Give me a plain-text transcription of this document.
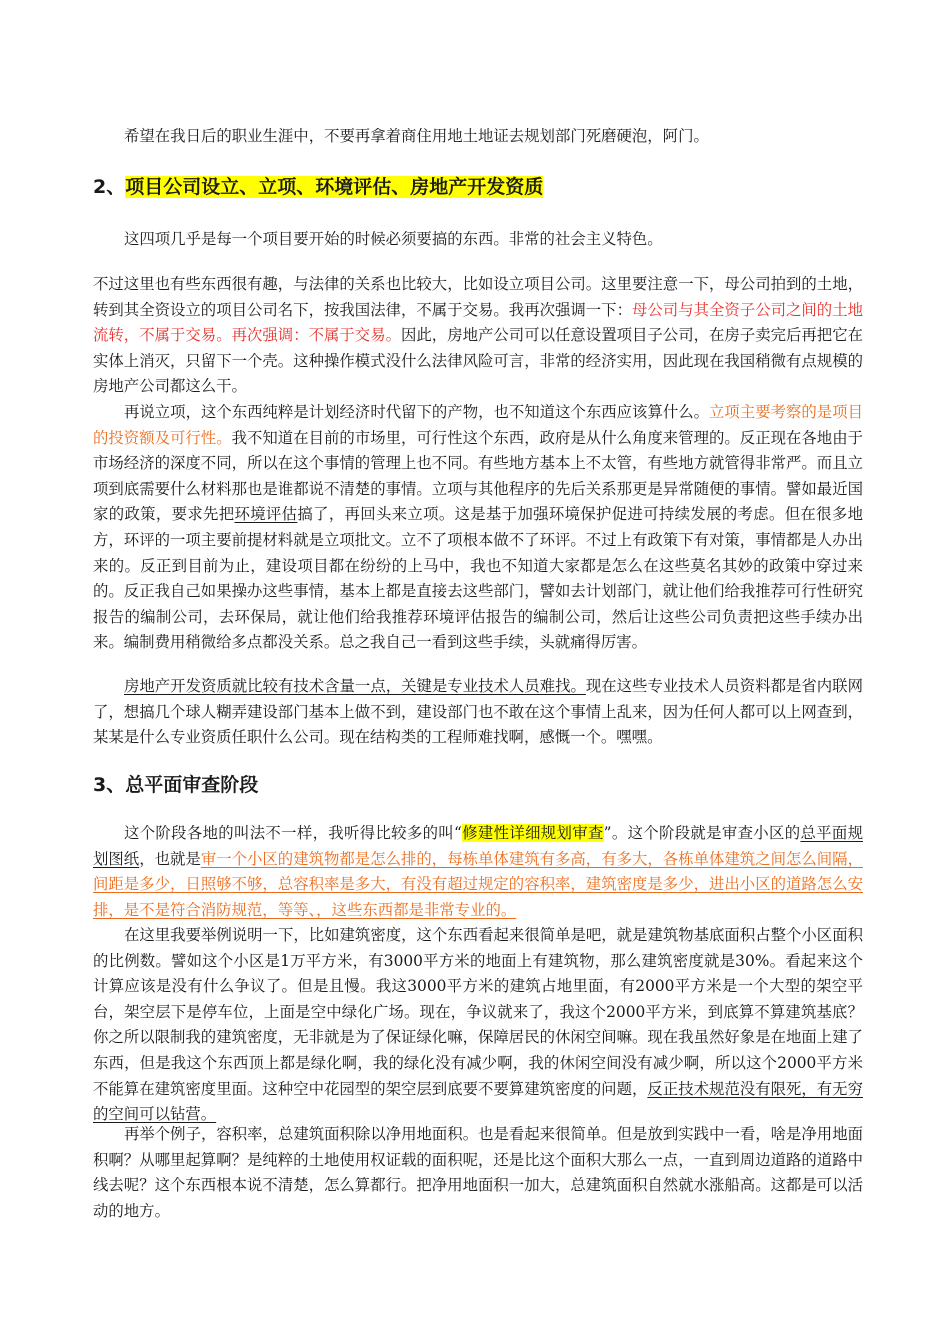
希望在我日后的职业生涯中，不要再拿着商住用地土地证去规划部门死磨硬泡，阿门。

2、项目公司设立、立项、环境评估、房地产开发资质

这四项几乎是每一个项目要开始的时候必须要搞的东西。非常的社会主义特色。

不过这里也有些东西很有趣，与法律的关系也比较大，比如设立项目公司。这里要注意一下，母公司拍到的土地，转到其全资设立的项目公司名下，按我国法律，不属于交易。我再次强调一下：母公司与其全资子公司之间的土地流转，不属于交易。再次强调：不属于交易。因此，房地产公司可以任意设置项目子公司，在房子卖完后再把它在实体上消灭，只留下一个壳。这种操作模式没什么法律风险可言，非常的经济实用，因此现在我国稍微有点规模的房地产公司都这么干。

再说立项，这个东西纯粹是计划经济时代留下的产物，也不知道这个东西应该算什么。立项主要考察的是项目的投资额及可行性。我不知道在目前的市场里，可行性这个东西，政府是从什么角度来管理的。反正现在各地由于市场经济的深度不同，所以在这个事情的管理上也不同。有些地方基本上不太管，有些地方就管得非常严。而且立项到底需要什么材料那也是谁都说不清楚的事情。立项与其他程序的先后关系那更是异常随便的事情。譬如最近国家的政策，要求先把环境评估搞了，再回头来立项。这是基于加强环境保护促进可持续发展的考虑。但在很多地方，环评的一项主要前提材料就是立项批文。立不了项根本做不了环评。不过上有政策下有对策，事情都是人办出来的。反正到目前为止，建设项目都在纷纷的上马中，我也不知道大家都是怎么在这些莫名其妙的政策中穿过来的。反正我自己如果操办这些事情，基本上都是直接去这些部门，譬如去计划部门，就让他们给我推荐可行性研究报告的编制公司，去环保局，就让他们给我推荐环境评估报告的编制公司，然后让这些公司负责把这些手续办出来。编制费用稍微给多点都没关系。总之我自己一看到这些手续，头就痛得厉害。

房地产开发资质就比较有技术含量一点，关键是专业技术人员难找。现在这些专业技术人员资料都是省内联网了，想搞几个球人糊弄建设部门基本上做不到，建设部门也不敢在这个事情上乱来，因为任何人都可以上网查到，某某是什么专业资质任职什么公司。现在结构类的工程师难找啊，感慨一个。嘿嘿。

3、总平面审查阶段

这个阶段各地的叫法不一样，我听得比较多的叫“修建性详细规划审查”。这个阶段就是审查小区的总平面规划图纸，也就是审一个小区的建筑物都是怎么排的，每栋单体建筑有多高，有多大，各栋单体建筑之间怎么间隔，间距是多少，日照够不够，总容积率是多大，有没有超过规定的容积率，建筑密度是多少，进出小区的道路怎么安排，是不是符合消防规范，等等、，这些东西都是非常专业的。

在这里我要举例说明一下，比如建筑密度，这个东西看起来很简单是吧，就是建筑物基底面积占整个小区面积的比例数。譬如这个小区是1万平方米，有3000平方米的地面上有建筑物，那么建筑密度就是30%。看起来这个计算应该是没有什么争议了。但是且慢。我这3000平方米的建筑占地里面，有2000平方米是一个大型的架空平台，架空层下是停车位，上面是空中绿化广场。现在，争议就来了，我这个2000平方米，到底算不算建筑基底？你之所以限制我的建筑密度，无非就是为了保证绿化嘛，保障居民的休闲空间嘛。现在我虽然好象是在地面上建了东西，但是我这个东西顶上都是绿化啊，我的绿化没有减少啊，我的休闲空间没有减少啊，所以这个2000平方米不能算在建筑密度里面。这种空中花园型的架空层到底要不要算建筑密度的问题，反正技术规范没有限死，有无穷的空间可以钻营。

再举个例子，容积率，总建筑面积除以净用地面积。也是看起来很简单。但是放到实践中一看，啥是净用地面积啊？从哪里起算啊？是纯粹的土地使用权证载的面积呢，还是比这个面积大那么一点，一直到周边道路的道路中线去呢？这个东西根本说不清楚，怎么算都行。把净用地面积一加大，总建筑面积自然就水涨船高。这都是可以活动的地方。
